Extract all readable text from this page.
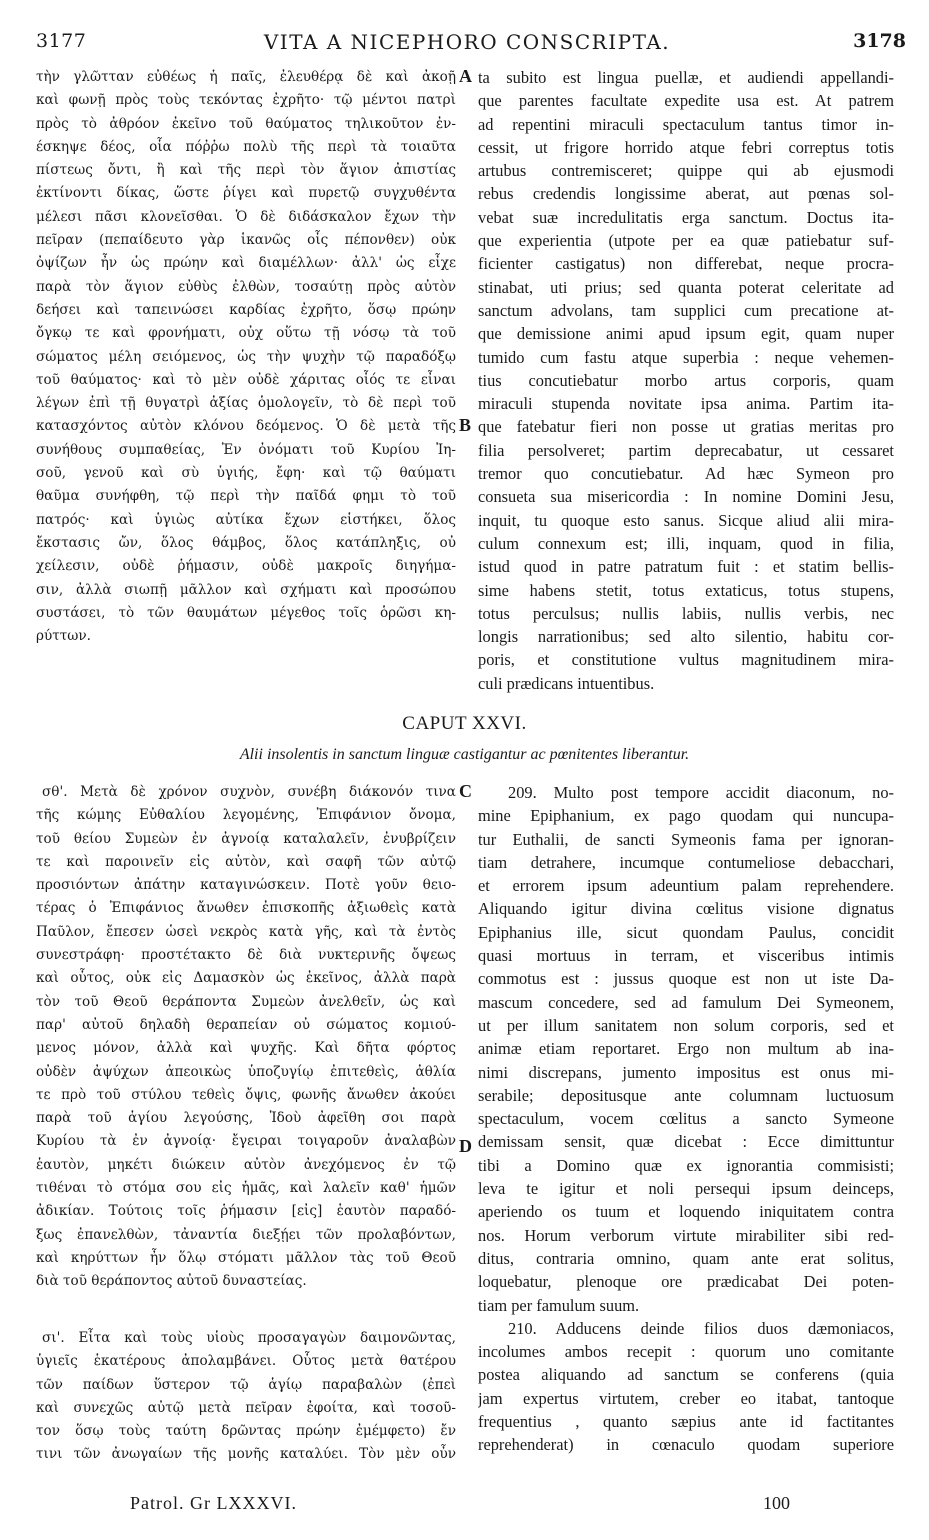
3177	VITA A NICEPHORO CONSCRIPTA.	3178
τὴν γλῶτταν εὐθέως ἡ παῖς, ἐλευθέρᾳ δὲ καὶ ἀκοῇ
καὶ φωνῇ πρὸς τοὺς τεκόντας ἐχρῆτο· τῷ μέντοι πατρὶ
πρὸς τὸ ἀθρόον ἐκεῖνο τοῦ θαύματος τηλικοῦτον ἐν-
έσκηψε δέος, οἷα πόῤῥω πολὺ τῆς περὶ τὰ τοιαῦτα
πίστεως ὄντι, ἢ καὶ τῆς περὶ τὸν ἅγιον ἀπιστίας
ἐκτίνοντι δίκας, ὥστε ῥίγει καὶ πυρετῷ συγχυθέντα
μέλεσι πᾶσι κλονεῖσθαι. Ὁ δὲ διδάσκαλον ἔχων τὴν
πεῖραν (πεπαίδευτο γὰρ ἱκανῶς οἷς πέπονθεν) οὐκ
ὀψίζων ἦν ὡς πρώην καὶ διαμέλλων· ἀλλ' ὡς εἶχε
παρὰ τὸν ἅγιον εὐθὺς ἐλθὼν, τοσαύτῃ πρὸς αὐτὸν
δεήσει καὶ ταπεινώσει καρδίας ἐχρῆτο, ὅσῳ πρώην
ὄγκῳ τε καὶ φρονήματι, οὐχ οὕτω τῇ νόσῳ τὰ τοῦ
σώματος μέλη σειόμενος, ὡς τὴν ψυχὴν τῷ παραδόξῳ
τοῦ θαύματος· καὶ τὸ μὲν οὐδὲ χάριτας οἷός τε εἶναι
λέγων ἐπὶ τῇ θυγατρὶ ἀξίας ὁμολογεῖν, τὸ δὲ περὶ τοῦ
κατασχόντος αὐτὸν κλόνου δεόμενος. Ὁ δὲ μετὰ τῆς
συνήθους συμπαθείας, Ἐν ὀνόματι τοῦ Κυρίου Ἰη-
σοῦ, γενοῦ καὶ σὺ ὑγιής, ἔφη· καὶ τῷ θαύματι
θαῦμα συνήφθη, τῷ περὶ τὴν παῖδά φημι τὸ τοῦ
πατρός· καὶ ὑγιὼς αὐτίκα ἔχων εἱστήκει, ὅλος
ἔκστασις ὤν, ὅλος θάμβος, ὅλος κατάπληξις, οὐ
χείλεσιν, οὐδὲ ῥήμασιν, οὐδὲ μακροῖς διηγήμα-
σιν, ἀλλὰ σιωπῇ μᾶλλον καὶ σχήματι καὶ προσώπου
συστάσει, τὸ τῶν θαυμάτων μέγεθος τοῖς ὁρῶσι κη-
ρύττων.
ta subito est lingua puellæ, et audiendi appellandi-
que parentes facultate expedite usa est. At patrem
ad repentini miraculi spectaculum tantus timor in-
cessit, ut frigore horrido atque febri correptus totis
artubus contremisceret; quippe qui ab ejusmodi
rebus credendis longissime aberat, aut pœnas sol-
vebat suæ incredulitatis erga sanctum. Doctus ita-
que experientia (utpote per ea quæ patiebatur suf-
ficienter castigatus) non differebat, neque procra-
stinabat, uti prius; sed quanta poterat celeritate ad
sanctum advolans, tam supplici cum precatione at-
que demissione animi apud ipsum egit, quam nuper
tumido cum fastu atque superbia : neque vehemen-
tius concutiebatur morbo artus corporis, quam
miraculi stupenda novitate ipsa anima. Partim ita-
que fatebatur fieri non posse ut gratias meritas pro
filia persolveret; partim deprecabatur, ut cessaret
tremor quo concutiebatur. Ad hæc Symeon pro
consueta sua misericordia : In nomine Domini Jesu,
inquit, tu quoque esto sanus. Sicque aliud alii mira-
culum connexum est; illi, inquam, quod in filia,
istud quod in patre patratum fuit : et statim bellis-
sime habens stetit, totus extaticus, totus stupens,
totus perculsus; nullis labiis, nullis verbis, nec
longis narrationibus; sed alto silentio, habitu cor-
poris, et constitutione vultus magnitudinem mira-
culi prædicans intuentibus.
A
B
CAPUT XXVI.
Alii insolentis in sanctum linguæ castigantur ac pœnitentes liberantur.
σθ'. Μετὰ δὲ χρόνον συχνὸν, συνέβη διάκονόν τινα
τῆς κώμης Εὐθαλίου λεγομένης, Ἐπιφάνιον ὄνομα,
τοῦ θείου Συμεὼν ἐν ἀγνοίᾳ καταλαλεῖν, ἐνυβρίζειν
τε καὶ παροινεῖν εἰς αὐτὸν, καὶ σαφῆ τῶν αὐτῷ
προσιόντων ἀπάτην καταγινώσκειν. Ποτὲ γοῦν θειο-
τέρας ὁ Ἐπιφάνιος ἄνωθεν ἐπισκοπῆς ἀξιωθεὶς κατὰ
Παῦλον, ἔπεσεν ὡσεὶ νεκρὸς κατὰ γῆς, καὶ τὰ ἐντὸς
συνεστράφη· προστέτακτο δὲ διὰ νυκτερινῆς ὄψεως
καὶ οὗτος, οὐκ εἰς Δαμασκὸν ὡς ἐκεῖνος, ἀλλὰ παρὰ
τὸν τοῦ Θεοῦ θεράποντα Συμεὼν ἀνελθεῖν, ὡς καὶ
παρ' αὐτοῦ δηλαδὴ θεραπείαν οὐ σώματος κομιού-
μενος μόνον, ἀλλὰ καὶ ψυχῆς. Καὶ δῆτα φόρτος
οὐδὲν ἀψύχων ἀπεοικὼς ὑποζυγίῳ ἐπιτεθεὶς, ἀθλία
τε πρὸ τοῦ στύλου τεθεὶς ὄψις, φωνῆς ἄνωθεν ἀκούει
παρὰ τοῦ ἁγίου λεγούσης, Ἰδοὺ ἀφεῖθη σοι παρὰ
Κυρίου τὰ ἐν ἀγνοίᾳ· ἔγειραι τοιγαροῦν ἀναλαβὼν
ἑαυτὸν, μηκέτι διώκειν αὐτὸν ἀνεχόμενος ἐν τῷ
τιθέναι τὸ στόμα σου εἰς ἡμᾶς, καὶ λαλεῖν καθ' ἡμῶν
ἀδικίαν. Τούτοις τοῖς ῥήμασιν [εἰς] ἑαυτὸν παραδό-
ξως ἐπανελθὼν, τἀναντία διεξῄει τῶν προλαβόντων,
καὶ κηρύττων ἦν ὅλῳ στόματι μᾶλλον τὰς τοῦ Θεοῦ
διὰ τοῦ θεράποντος αὐτοῦ δυναστείας.
σι'. Εἶτα καὶ τοὺς υἱοὺς προσαγαγὼν δαιμονῶντας,
ὑγιεῖς ἑκατέρους ἀπολαμβάνει. Οὗτος μετὰ θατέρου
τῶν παίδων ὕστερον τῷ ἁγίῳ παραβαλὼν (ἐπεὶ
καὶ συνεχῶς αὐτῷ μετὰ πεῖραν ἐφοίτα, καὶ τοσοῦ-
τον ὅσῳ τοὺς ταύτη δρῶντας πρώην ἐμέμφετο) ἔν
τινι τῶν ἀνωγαίων τῆς μονῆς καταλύει. Τὸν μὲν οὖν
209. Multo post tempore accidit diaconum, no-
mine Epiphanium, ex pago quodam qui nuncupa-
tur Euthalii, de sancti Symeonis fama per ignoran-
tiam detrahere, incumque contumeliose debacchari,
et errorem ipsum adeuntium palam reprehendere.
Aliquando igitur divina cœlitus visione dignatus
Epiphanius ille, sicut quondam Paulus, concidit
quasi mortuus in terram, et visceribus intimis
commotus est : jussus quoque est non ut iste Da-
mascum concedere, sed ad famulum Dei Symeonem,
ut per illum sanitatem non solum corporis, sed et
animæ etiam reportaret. Ergo non multum ab ina-
nimi discrepans, jumento impositus est onus mi-
serabile; depositusque ante columnam luctuosum
spectaculum, vocem cœlitus a sancto Symeone
demissam sensit, quæ dicebat : Ecce dimittuntur
tibi a Domino quæ ex ignorantia commisisti;
leva te igitur et noli persequi ipsum deinceps,
aperiendo os tuum et loquendo iniquitatem contra
nos. Horum verborum virtute mirabiliter sibi red-
ditus, contraria omnino, quam ante erat solitus,
loquebatur, plenoque ore prædicabat Dei poten-
tiam per famulum suum.
210. Adducens deinde filios duos dæmoniacos,
incolumes ambos recepit : quorum uno comitante
postea aliquando ad sanctum se conferens (quia
jam expertus virtutem, creber eo itabat, tantoque
frequentius , quanto sæpius ante id factitantes
reprehenderat) in cœnaculo quodam superiore
C
D
Patrol. Gr LXXXVI.	100
